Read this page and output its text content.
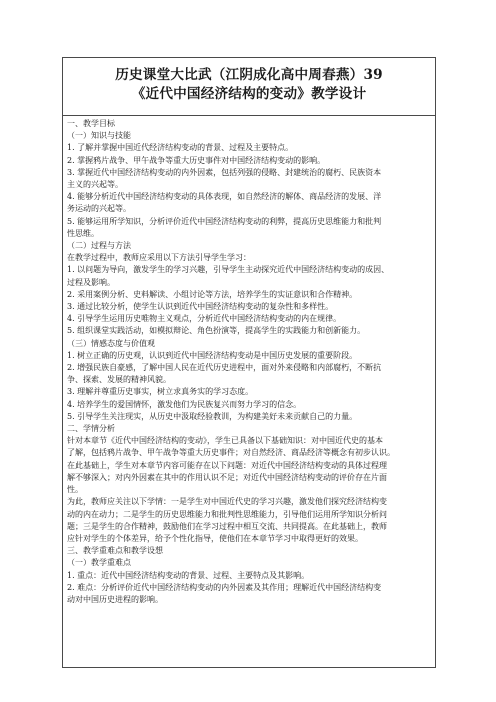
历史课堂大比武（江阴成化高中周春燕）39
《近代中国经济结构的变动》教学设计
一、教学目标
（一）知识与技能
1. 了解并掌握中国近代经济结构变动的背景、过程及主要特点。
2. 掌握鸦片战争、甲午战争等重大历史事件对中国经济结构变动的影响。
3. 掌握近代中国经济结构变动的内外因素，包括列强的侵略、封建统治的腐朽、民族资本
主义的兴起等。
4. 能够分析近代中国经济结构变动的具体表现，如自然经济的解体、商品经济的发展、洋
务运动的兴起等。
5. 能够运用所学知识，分析评价近代中国经济结构变动的利弊，提高历史思维能力和批判
性思维。
（二）过程与方法
在教学过程中，教师应采用以下方法引导学生学习：
1. 以问题为导向，激发学生的学习兴趣，引导学生主动探究近代中国经济结构变动的成因、
过程及影响。
2. 采用案例分析、史料解读、小组讨论等方法，培养学生的实证意识和合作精神。
3. 通过比较分析，使学生认识到近代中国经济结构变动的复杂性和多样性。
4. 引导学生运用历史唯物主义观点，分析近代中国经济结构变动的内在规律。
5. 组织课堂实践活动，如模拟辩论、角色扮演等，提高学生的实践能力和创新能力。
（三）情感态度与价值观
1. 树立正确的历史观，认识到近代中国经济结构变动是中国历史发展的重要阶段。
2. 增强民族自豪感，了解中国人民在近代历史进程中，面对外来侵略和内部腐朽，不断抗
争、探索、发展的精神风貌。
3. 理解并尊重历史事实，树立求真务实的学习态度。
4. 培养学生的爱国情怀，激发他们为民族复兴而努力学习的信念。
5. 引导学生关注现实，从历史中汲取经验教训，为构建美好未来贡献自己的力量。
二、学情分析
针对本章节《近代中国经济结构的变动》，学生已具备以下基础知识：对中国近代史的基本
了解，包括鸦片战争、甲午战争等重大历史事件；对自然经济、商品经济等概念有初步认识。
在此基础上，学生对本章节内容可能存在以下问题：对近代中国经济结构变动的具体过程理
解不够深入；对内外因素在其中的作用认识不足；对近代中国经济结构变动的评价存在片面
性。
为此，教师应关注以下学情：一是学生对中国近代史的学习兴趣，激发他们探究经济结构变
动的内在动力；二是学生的历史思维能力和批判性思维能力，引导他们运用所学知识分析问
题；三是学生的合作精神，鼓励他们在学习过程中相互交流、共同提高。在此基础上，教师
应针对学生的个体差异，给予个性化指导，使他们在本章节学习中取得更好的效果。
三、教学重难点和教学设想
（一）教学重难点
1. 重点：近代中国经济结构变动的背景、过程、主要特点及其影响。
2. 难点：分析评价近代中国经济结构变动的内外因素及其作用；理解近代中国经济结构变
动对中国历史进程的影响。
